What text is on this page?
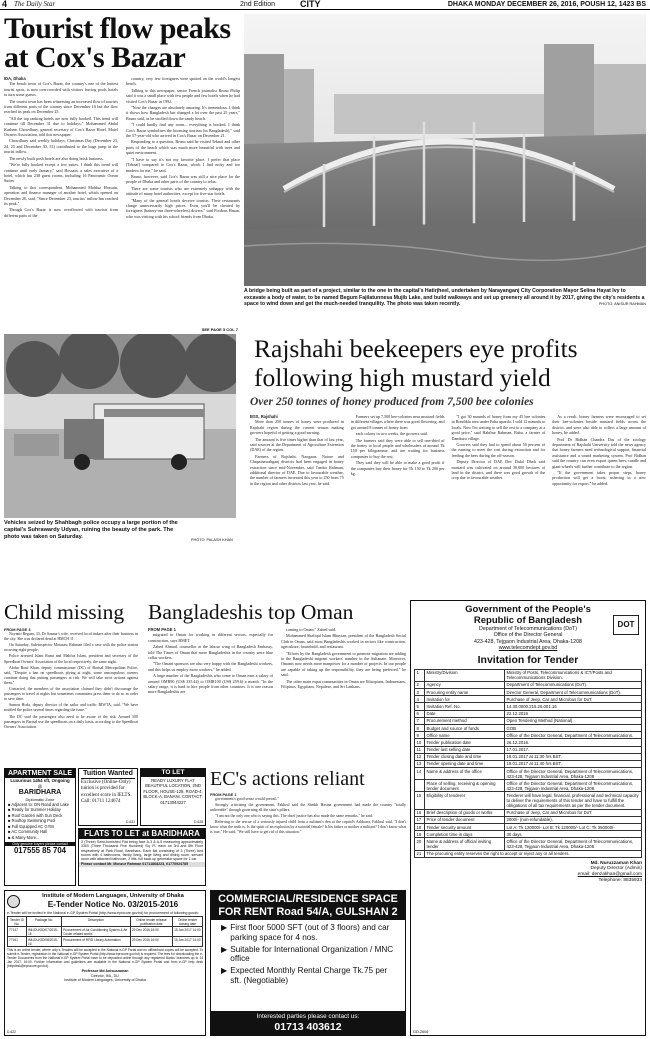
4 The Daily Star	2nd Edition	CITY	DHAKA MONDAY DECEMBER 26, 2016, POUSH 12, 1423 BS
Tourist flow peaks at Cox's Bazar
IDA, Dhaka

The beach town of Cox's Bazar, the country's one of the hottest tourist spots, is now overcrowded with visitors forcing pools hotels to turn some guests.

The tourist town has been witnessing an increased flow of tourists from different parts of the country since December 16 but the flow reached its peak on December 25.

"All the top ranking hotels are now fully booked. This trend will continue till December 31 due to holidays," Mohammed Abdul Kashem Chowdhury, general secretary of Cox's Bazar Hotel, Motel Owners Association, told this newspaper.

Chowdhury said weekly holidays, Christmas Day (December 23, 24, 25 and December 30, 31) contributed to the huge jump in the tourist inflow.

The newly built posh hotels are also doing brisk business.

"We're fully booked except a few suites. I think this trend will continue until early January," said Hossain, a sales executive of a hotel, which has 238 guest rooms, including 16 Panoramic Ocean Suites.

Talking to this correspondent, Mohammed Mahfuz Hossain, operation and finance manager of another hotel, which opened on December 20, said, "Since December 23, tourists' inflow has reached its peak."

Though Cox's Bazar is now overflowed with tourists from different parts of the

country, very few foreigners were spotted on the world's longest beach.

Talking to this newspaper, senior French journalist Bruno Philip said it was a small place with few people and few hotels when he had visited Cox's Bazar in 1992.

"Now the changes are absolutely amazing. It's tremendous. I think it shows how Bangladesh has changed a lot over the past 25 years," Bruno said, as he strolled down the sandy beach.

"I could hardly find any room... everything is booked. I think Cox's Bazar symbolises the booming tourism [in Bangladesh]," said the 57-year-old who arrived in Cox's Bazar on December 21.

Responding to a question, Bruno said he visited Teknaf and other parts of the beach which was much more beautiful with trees and quiet environment.

"I have to say it's not my favorite place. I prefer that place [Teknaf] compared to Cox's Bazar, which I find noisy and too modern for me," he said.

Bruno, however, said Cox's Bazar was still a nice place for the people of Dhaka and other parts of the country to relax.

There are some tourists who are extremely unhappy with the attitude of many hotel authorities, except for five-star hotels.

"Many of the general hotels deceive tourists. Their restaurants charge unnecessarily high prices. Even you'll be cheated by foreigners (battery-run three-wheelers) drivers," said Fordous Hasan, who was visiting with his school friends from Dhaka.

SEE PAGE 5 COL 7
A bridge being built as part of a project, similar to the one in the capital's Hatirjheel, undertaken by Narayanganj City Corporation Mayor Selina Hayat Ivy to excavate a body of water, to be named Begum Fajilatunnesa Mujib Lake, and build walkways and set up greenery all around it by 2017, giving the city's residents a space to wind down and get the much-needed tranquility. The photo was taken recently.	PHOTO: ANISUR RAHMAN
Rajshahi beekeepers eye profits following high mustard yield
Over 250 tonnes of honey produced from 7,500 bee colonies
BSS, Rajshahi

More than 250 tonnes of honey were produced in Rajshahi region during the current season making growers hopeful of getting a good earning.

The amount is five times higher than that of last year, said sources at the Department of Agriculture Extension (DAE) of the region.

Farmers of Rajshahi, Naogaon, Natore and Chapainawabganj districts had been engaged in honey extraction since mid-November, said Tazdur Rahman, additional director of DAE. Due to favourable weather, the number of farmers increased this year to 250 from 75 in the region and other districts last year, he said.

Farmers set up 7,500 bee-colonies near mustard fields in different villages where there was good flowering, and got around 8 tonnes of honey from

each colony in two weeks, the growers said.

The farmers said they were able to sell one-third of the honey to local people and wholesalers at around Tk 150 per kilogramme, and are waiting for business companies to buy the rest.

They said they will be able to make a good profit if the companies buy their honey for Tk 150 to Tk 200 per kg.

"I got 30 maunds of honey from my 45 bee colonies in Bondikla area under Paba upazila. I sold 12 maunds to locals. Now I'm waiting to sell the rest to a company at a good price," said Habibur Rahman, Babu, a farmer of Damkura village.

Growers said they had to spend about 50 percent of the earning to meet the cost during extraction and for feeding the bees during the off-season.

Deputy Director of DAE Dev Dulal Dhali said mustard was cultivated on around 30,000 hectares of land in the district, and there was good growth of the crop due to favourable weather.

As a result, honey farmers were encouraged to set their bee-colonies beside mustard fields across the district, and were also able to collect a large amount of honey, he added.

Prof Dr Bidhan Chandra Das of the zoology department of Rajshahi University told the news agency that honey farmers need technological support, financial assistance and a sound marketing system. Prof Bidhan said the country can even export queen bees, candle and giant-wheels will further contribute to the region.

"If the government takes proper steps, honey production will get a boost, ushering in a new opportunity for export," he added.

Vehicles seized by Shahbagh police occupy a large portion of the capital's Suhrawardy Udyan, ruining the beauty of the park. The photo was taken on Saturday.	PHOTO: PALASH KHAN
Child missing
FROM PAGE 3

Noyanti Begum, 33, Dr Sanaur's wife, received local tinkers after their business in the city. She was declared dead at HMCH 11.

On Saturday, Sub-inspector Motasaw Rahman filed a case with the police station accusing eight people.

Police arrested Islam Rumi and Mahfuz Islam, president and secretary of the Speedboat Owners' Association of the local respectively, the same night.

Abdur Rouf Khan, deputy commissioner (DC) of Barisal Metropolitan Police, said, "Despite a ban on speedboats plying at night, some unscrupulous owners continue doing that putting passengers at risk. We will take strict actions against them."

Contacted, the members of the association claimed they didn't discourage the passengers to travel at nights but sometimes commuters press them to do so in order to save time.

Sumon Hoda, deputy director of the sailor and traffic BIWTA, said, "We have notified the police several times regarding the issue."

The DC said the passengers also need to be aware of the risk. Around 500 passengers in Barisal use the speedboats on a daily basis, according to the Speedboat Owners' Association.

Bangladeshis top Oman
FROM PAGE 1

migrated to Oman for working in different sectors, especially for construction, says BMET.

Zahed Ahmad, counsellor at the labour wing of Bangladesh Embassy, told The Times of Oman that more Bangladeshis in the country were blue collar workers.

"The Omani sponsors are also very happy with the Bangladeshi workers, and this helps us employ more workers," he added.

A large number of the Bangladeshis who come to Oman earn a salary of around OMR90 (US$ 235.44) to OMR100 (US$ 259.6) a month. "In the salary range, it is hard to hire people from other countries. It is one reason more Bangladeshis are

coming to Oman," Zahed said.

Mohammed Shafiqul Islam Bhuyian, president of the Bangladesh Social Club in Oman, said most Bangladeshis worked in sectors like construction, agriculture, household, and restaurant.

"Efforts by the Bangladesh government to promote migration are adding to the Bangladeshi migrant workers' number in the Sultanate. Moreover, Omanis now needs more manpower for a number of projects. In our people are capable of taking up the responsibility, they are being preferred," he said.

The other main expat communities in Oman are Ethiopians, Indonesians, Filipinos, Egyptians, Nepalese, and Sri Lankans.

Government of the People's
Republic of Bangladesh	DOT
Department of Telecommunications (DoT)
Office of the Director General
423-428, Tejgaon Industrial Area, Dhaka-1208
www.telecomdept.gov.bd
Invitation for Tender
1	Ministry/Division	Ministry of Posts, Telecommunications & ICT/Posts and Telecommunications Division.
2	Agency	Department of Telecommunications (DoT).
3	Procuring entity name	Director General, Department of Telecommunications (DoT).
4	Invitation for	Purchase of Jeep, Car and Microbus for DoT.
5	Invitation Ref. No.	14.30.0000.215.26.001.16
6	Date	22.12.2016
7	Procurement method	Open Tendering Method (National).
8	Budget and source of funds	GOB
9	Office name	Office of the Director General, Department of Telecommunications.
10	Tender publication date	26.12.2016.
11	Tender last selling date	17.01.2017.
12	Tender closing date and time	19.01.2017 at 11:30 hrs BST.
13	Tender opening date and time	19.01.2017 at 11:40 hrs BST.
14	Name & address of the office	Office of the Director General, Department of Telecommunications, 423-428, Tejgaon Industrial Area, Dhaka-1208
	Place of selling, receiving & opening tender document	Office of the Director General, Department of Telecommunications, 423-428, Tejgaon Industrial Area, Dhaka-1208.
15	Eligibility of tenderer	Tenderer will have legal, financial, professional and technical capacity to deliver the requirements of this tender and have to fulfill the obligations of all tax requirements as per the tender document.
16	Brief description of goods or works	Purchase of Jeep, Car and Microbus for DoT.
17	Price of tender document	2000/- (non-refundable).
18	Tender security amount	Lot A: Tk 120000/- Lot B: Tk 120000/- Lot C: Tk 350000/-
19	Completion time in days	30 days
20	Name & address of official inviting tender	Office of the Director General, Department of Telecommunications, 423-428, Tejgaon Industrial Area, Dhaka-1208
21	The procuring entity reserves the right to accept or reject any or all tenders.	
Md. Nuruzzaman Khan
Deputy Director (Admin)
email: denzakhan@gmail.com
Telephone: 8835933
GD-2606
APARTMENT SALE
Luxurious 1454 sft, Ongoing
@
BARIDHARA
Diplomatic Zone
■ Adjacent to: DN Road and Lake
■ Ready for Summer Holiday
■ Roof Garden with Sun Deck
■ Rooftop Swimming Pool
■ Full Equipped AC GYM
■ AC Community Hall
■ & Many More...
Only genuine buyers please contact
017555 85 704
Tuition Wanted
Exclusive (Online-Only) tuition is provided for excellent score in IELTS. Call: 01711 124674
D-631
TO LET
READY LUXURY FLAT BEAUTIFUL LOCATION, 2ND FLOOR, HOUSE-129, ROAD-4, BLOCK-A, BANANI. CONTACT: 01713044227
D-628
FLATS TO LET at BARIDHARA
3 (Three) Semi-furnished Flat being face A-3 & A-5 measuring approximately 3300 (Three Thousand Five Hundred) Sq. Ft. each on 3rd and 5th Floor respectively at Park Road, Baridhara. Each flat consisting of 3 (Three) bed rooms with 4 bathrooms, family living, large living and dining room, servant room with attached bathroom, 2 lifts. full back-up generator space for 1 car.
Please contact Mr. Monzur Rahman 01711868223, 01770924785
EC's actions reliant
FROM PAGE 1

government's good sense would prevail."

Strongly criticising the government, Fakhrul said the Sheikh Hasina government had made the country "totally unliveable" through governing all the state's pillars.

"I am not the only one who is saying this. The chief justice has also made the same remarks," he said.

Referring to the rescue of a seriously injured child from a militant's den at the capital's Ashkona, Fakhrul said, "I don't know what the truth is. Is the spirit of an explosion by a suicidal female? Is his father or mother a militant? I don't know what is true," He said, "We still have to get rid of this situation."

Institute of Modern Languages, University of Dhaka
E-Tender Notice No. 03/2015-2016
e-Tender will be invited in the National e-GP System Portal (http://www.eprocure.gov.bd) for procurement of following goods:
Tender ID No.	Package No.	Description	Online tender release publication date	Online tender closing date
77147	IML/DU/GD/07/2015-16	Procurement of Air Conditioning System & Air Cooler related works	29 Dec 2016 16:00	15 Jan 2017 14:00
77161	IML/DU/GD/08/2015-16	Procurement of RFID Library Automation	29 Dec 2016 16:00	15 Jan 2017 14:00
This is an online tender, where only e-Tenders will be accepted in the National e-GP Portal and no offline/hard copies will be accepted. To submit e-Tender, registration in the National e-GP System Portal (http://www.eprocure.gov.bd) is required. The fees for downloading the e-Tender Documents from the National e-GP System Portal have to be deposited online through any registered Banks' branches up to 14 Jan 2017, 16:00. Further information and guidelines are available in the National e-GP System Portal and from e-GP help desk (helpdesk@eprocure.gov.bd).
Professor Md Anisuzzaman
Director, IML, DU
Institute of Modern Languages, University of Dhaka
D-622
COMMERCIAL/RESIDENCE SPACE FOR RENT Road 54/A, GULSHAN 2
▶ First floor 5000 SFT (out of 3 floors) and car parking space for 4 nos.
▶ Suitable for International Organization / MNC office
▶ Expected Monthly Rental Charge Tk.75 per sft. (Negotiable)
Interested parties please contact us:
01713 403612
